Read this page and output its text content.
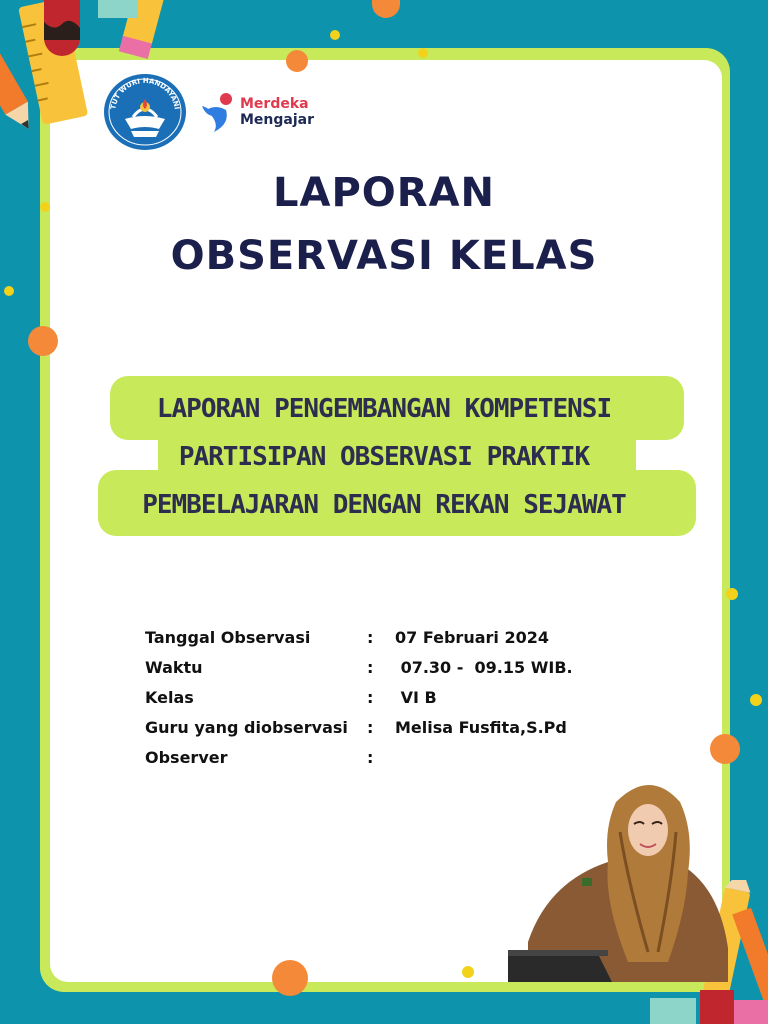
TUT WURI HANDAYANI	Merdeka
Mengajar
LAPORAN
OBSERVASI KELAS
LAPORAN PENGEMBANGAN KOMPETENSI
PARTISIPAN OBSERVASI PRAKTIK
PEMBELAJARAN DENGAN REKAN SEJAWAT
Tanggal Observasi	: 07 Februari 2024
Waktu	: 07.30 -  09.15 WIB.
Kelas	: VI B
Guru yang diobservasi : Melisa Fusfita,S.Pd
Observer	:
